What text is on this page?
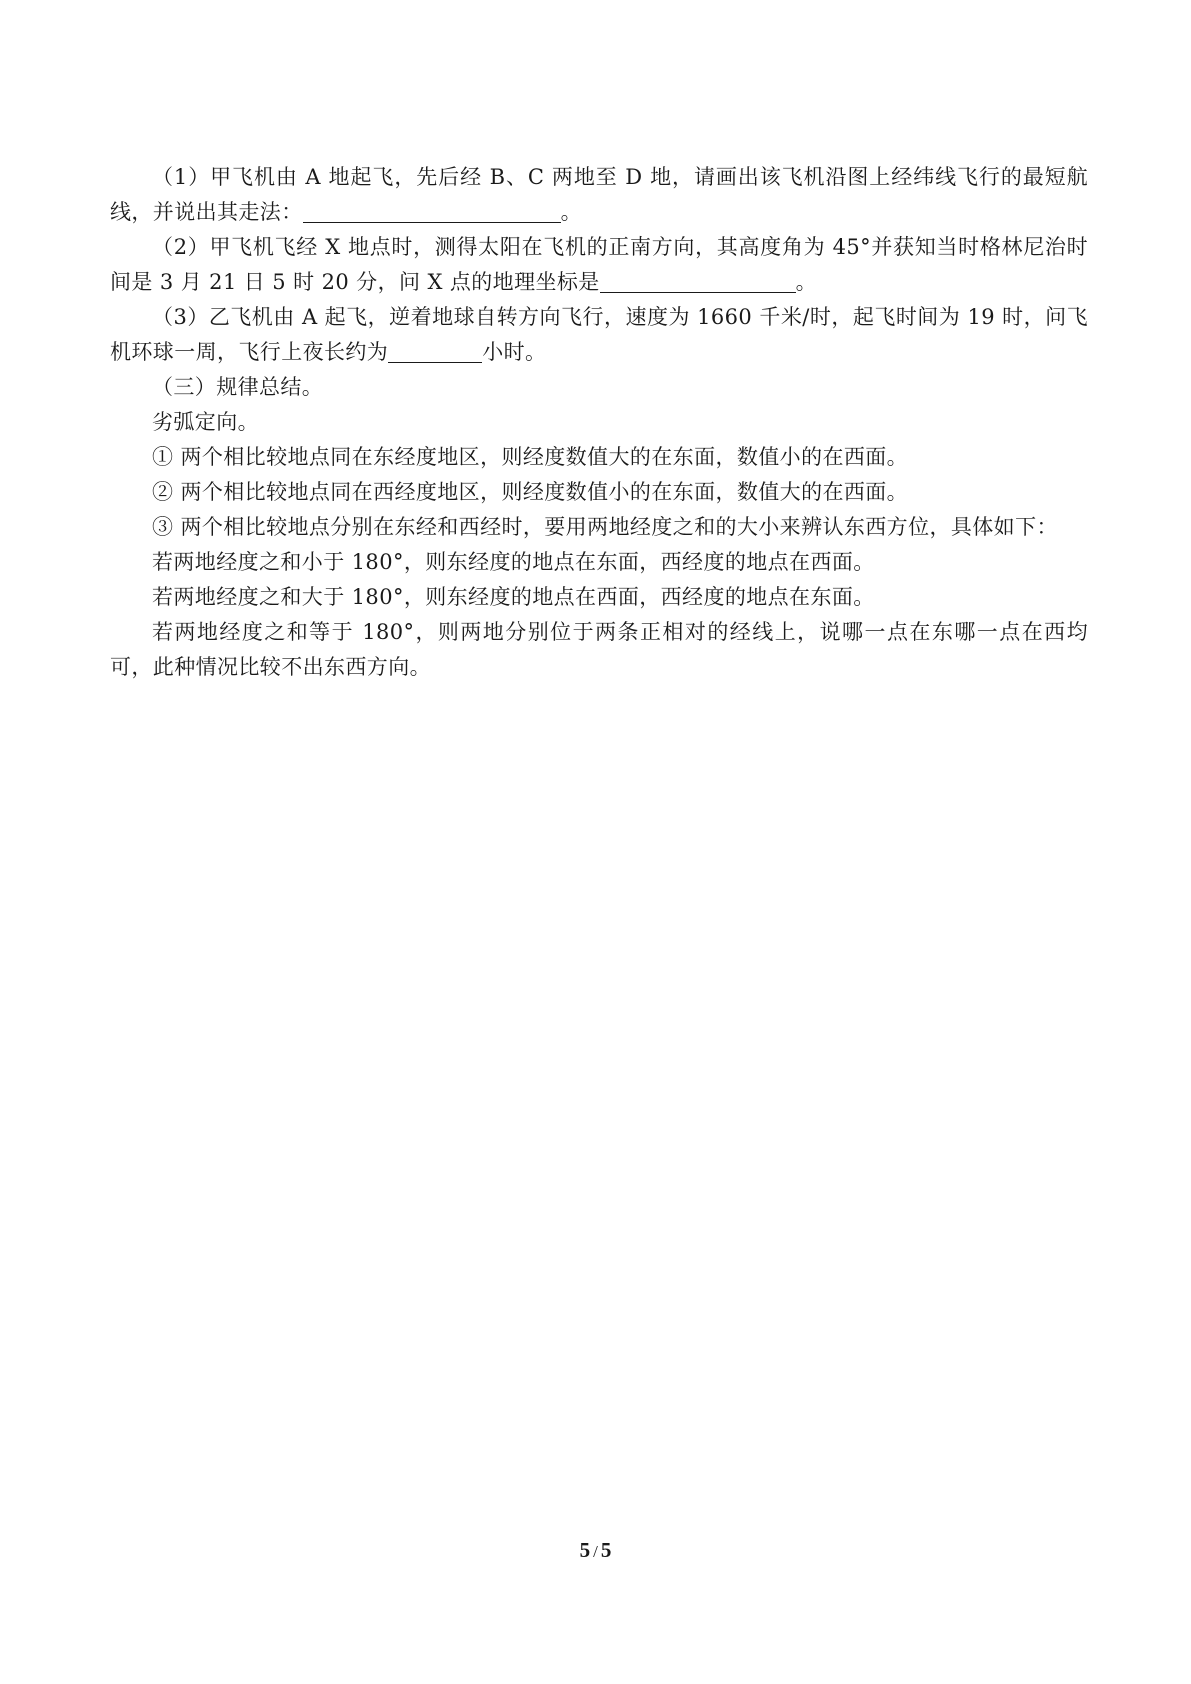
（1）甲飞机由 A 地起飞，先后经 B、C 两地至 D 地，请画出该飞机沿图上经纬线飞行的最短航线，并说出其走法：	。

（2）甲飞机飞经 X 地点时，测得太阳在飞机的正南方向，其高度角为 45°并获知当时格林尼治时间是 3 月 21 日 5 时 20 分，问 X 点的地理坐标是	。

（3）乙飞机由 A 起飞，逆着地球自转方向飞行，速度为 1660 千米/时，起飞时间为 19 时，问飞机环球一周，飞行上夜长约为	小时。

（三）规律总结。

劣弧定向。

① 两个相比较地点同在东经度地区，则经度数值大的在东面，数值小的在西面。

② 两个相比较地点同在西经度地区，则经度数值小的在东面，数值大的在西面。

③ 两个相比较地点分别在东经和西经时，要用两地经度之和的大小来辨认东西方位，具体如下：

若两地经度之和小于 180°，则东经度的地点在东面，西经度的地点在西面。

若两地经度之和大于 180°，则东经度的地点在西面，西经度的地点在东面。

若两地经度之和等于 180°，则两地分别位于两条正相对的经线上，说哪一点在东哪一点在西均可，此种情况比较不出东西方向。

5 / 5
